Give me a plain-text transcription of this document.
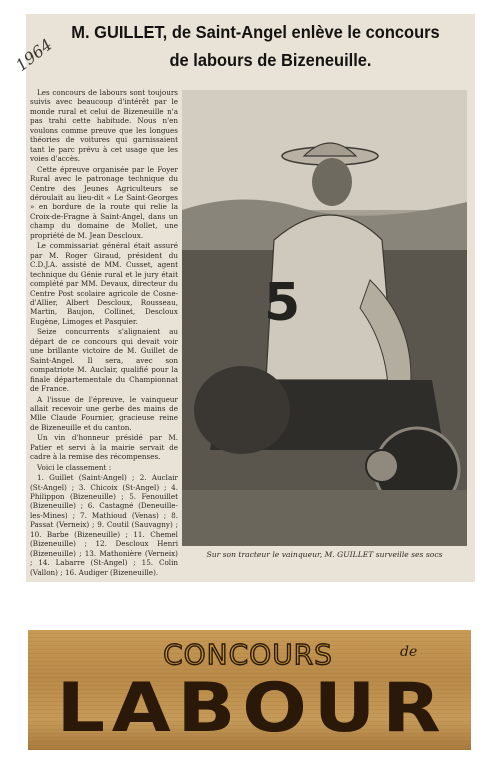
M. GUILLET, de Saint-Angel enlève le concours
de labours de Bizeneuille.
1964

Les concours de labours sont toujours suivis avec beaucoup d'intérêt par le monde rural et celui de Bizeneuille n'a pas trahi cette habitude. Nous n'en voulons comme preuve que les longues théories de voitures qui garnissaient tant le parc prévu à cet usage que les voies d'accès.

Cette épreuve organisée par le Foyer Rural avec le patronage technique du Centre des Jeunes Agriculteurs se déroulait au lieu-dit « Le Saint-Georges » en bordure de la route qui relie la Croix-de-Fragne à Saint-Angel, dans un champ du domaine de Mollet, une propriété de M. Jean Descloux.

Le commissariat général était assuré par M. Roger Giraud, président du C.D.J.A. assisté de MM. Cusset, agent technique du Génie rural et le jury était complété par MM. Devaux, directeur du Centre Post scolaire agricole de Cosne-d'Allier, Albert Descloux, Rousseau, Martin, Baujon, Collinet, Descloux Eugène, Limoges et Pasquier.

Seize concurrents s'alignaient au départ de ce concours qui devait voir une brillante victoire de M. Guillet de Saint-Angel. Il sera, avec son compatriote M. Auclair, qualifié pour la finale départementale du Championnat de France.

A l'issue de l'épreuve, le vainqueur allait recevoir une gerbe des mains de Mlle Claude Fournier, gracieuse reine de Bizeneuille et du canton.

Un vin d'honneur présidé par M. Patier et servi à la mairie servait de cadre à la remise des récompenses.

Voici le classement :

1. Guillet (Saint-Angel) ; 2. Auclair (St-Angel) ; 3. Chicoix (St-Angel) ; 4. Philippon (Bizeneuille) ; 5. Fenouillet (Bizeneuille) ; 6. Castagné (Deneuille-les-Mines) ; 7. Mathioud (Venas) ; 8. Passat (Verneix) ; 9. Coutil (Sauvagny) ; 10. Barbe (Bizeneuille) ; 11. Chemel (Bizeneuille) ; 12. Descloux Henri (Bizeneuille) ; 13. Mathonière (Verneix) ; 14. Labarre (St-Angel) ; 15. Colin (Vallon) ; 16. Audiger (Bizeneuille).

5
Sur son tracteur le vainqueur, M. GUILLET surveille ses socs
CONCOURS	de
LABOUR
